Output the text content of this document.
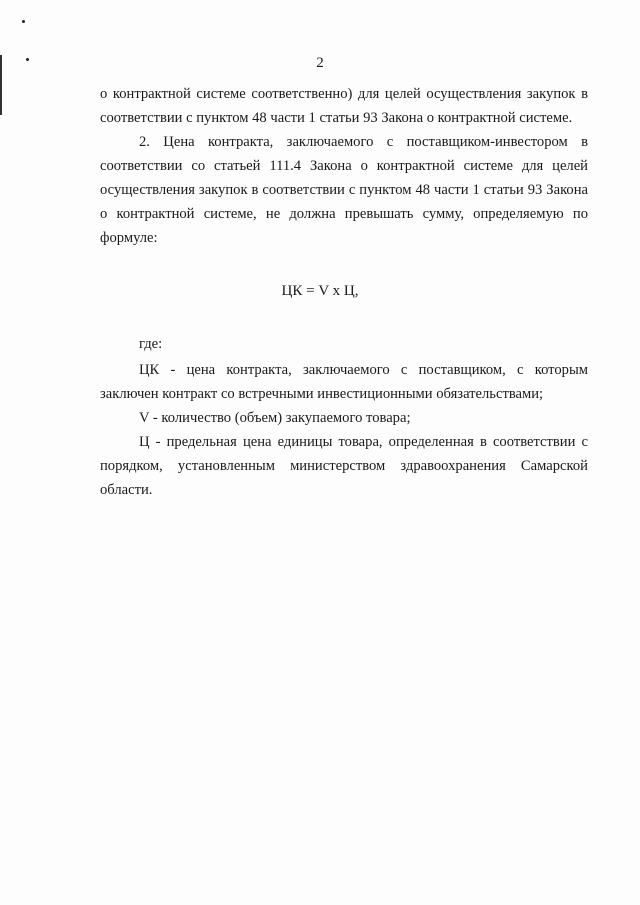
2

о контрактной системе соответственно) для целей осуществления закупок в соответствии с пунктом 48 части 1 статьи 93 Закона о контрактной системе.

2. Цена контракта, заключаемого с поставщиком-инвестором в соответствии со статьей 111.4 Закона о контрактной системе для целей осуществления закупок в соответствии с пунктом 48 части 1 статьи 93 Закона о контрактной системе, не должна превышать сумму, определяемую по формуле:

ЦК = V x Ц,
где:

ЦК - цена контракта, заключаемого с поставщиком, с которым заключен контракт со встречными инвестиционными обязательствами;

V - количество (объем) закупаемого товара;

Ц - предельная цена единицы товара, определенная в соответствии с порядком, установленным министерством здравоохранения Самарской области.
